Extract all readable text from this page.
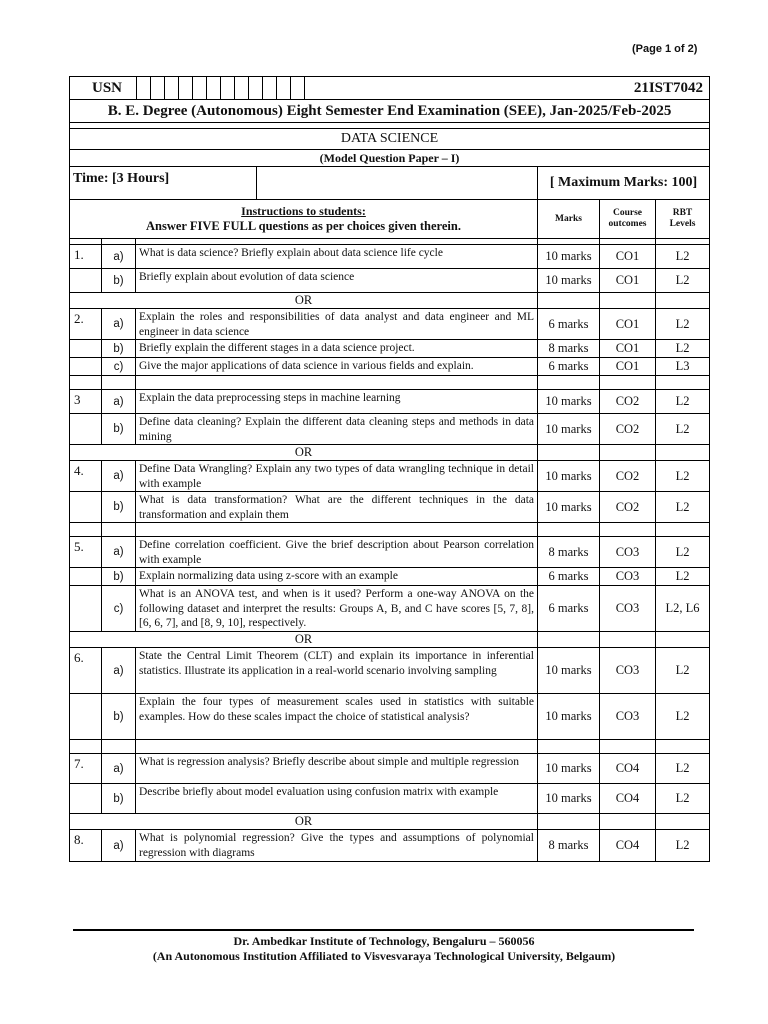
(Page 1 of 2)
USN													21IST7042

B. E. Degree (Autonomous) Eight Semester End Examination (SEE), Jan-2025/Feb-2025

DATA SCIENCE
(Model Question Paper – I)

Time: [3 Hours]	
		[ Maximum Marks: 100]

Instructions to students:
Answer FIVE FULL questions as per choices given therein.
	Marks	Course outcomes	RBT Levels

1.	a)	What is data science? Briefly explain about data science life cycle	10 marks	CO1	L2
	b)	Briefly explain about evolution of data science	10 marks	CO1	L2
OR			
2.	a)	Explain the roles and responsibilities of data analyst and data engineer and ML engineer in data science	6 marks	CO1	L2
	b)	Briefly explain the different stages in a data science project.	8 marks	CO1	L2
	c)	Give the major applications of data science in various fields and explain.	6 marks	CO1	L3

3	a)	Explain the data preprocessing steps in machine learning	10 marks	CO2	L2
	b)	Define data cleaning? Explain the different data cleaning steps and methods in data mining	10 marks	CO2	L2
OR			
4.	a)	Define Data Wrangling? Explain any two types of data wrangling technique in detail with example	10 marks	CO2	L2
	b)	What is data transformation? What are the different techniques in the data transformation and explain them	10 marks	CO2	L2

5.	a)	Define correlation coefficient. Give the brief description about Pearson correlation with example	8 marks	CO3	L2
	b)	Explain normalizing data using z-score with an example	6 marks	CO3	L2
	c)	What is an ANOVA test, and when is it used? Perform a one-way ANOVA on the following dataset and interpret the results: Groups A, B, and C have scores [5, 7, 8], [6, 6, 7], and [8, 9, 10], respectively.	6 marks	CO3	L2, L6
OR			
6.	a)	State the Central Limit Theorem (CLT) and explain its importance in inferential statistics. Illustrate its application in a real-world scenario involving sampling	10 marks	CO3	L2
	b)	Explain the four types of measurement scales used in statistics with suitable examples. How do these scales impact the choice of statistical analysis?	10 marks	CO3	L2

7.	a)	What is regression analysis? Briefly describe about simple and multiple regression	10 marks	CO4	L2
	b)	Describe briefly about model evaluation using confusion matrix with example	10 marks	CO4	L2
OR			
8.	a)	What is polynomial regression? Give the types and assumptions of polynomial regression with diagrams	8 marks	CO4	L2
Dr. Ambedkar Institute of Technology, Bengaluru – 560056
(An Autonomous Institution Affiliated to Visvesvaraya Technological University, Belgaum)
